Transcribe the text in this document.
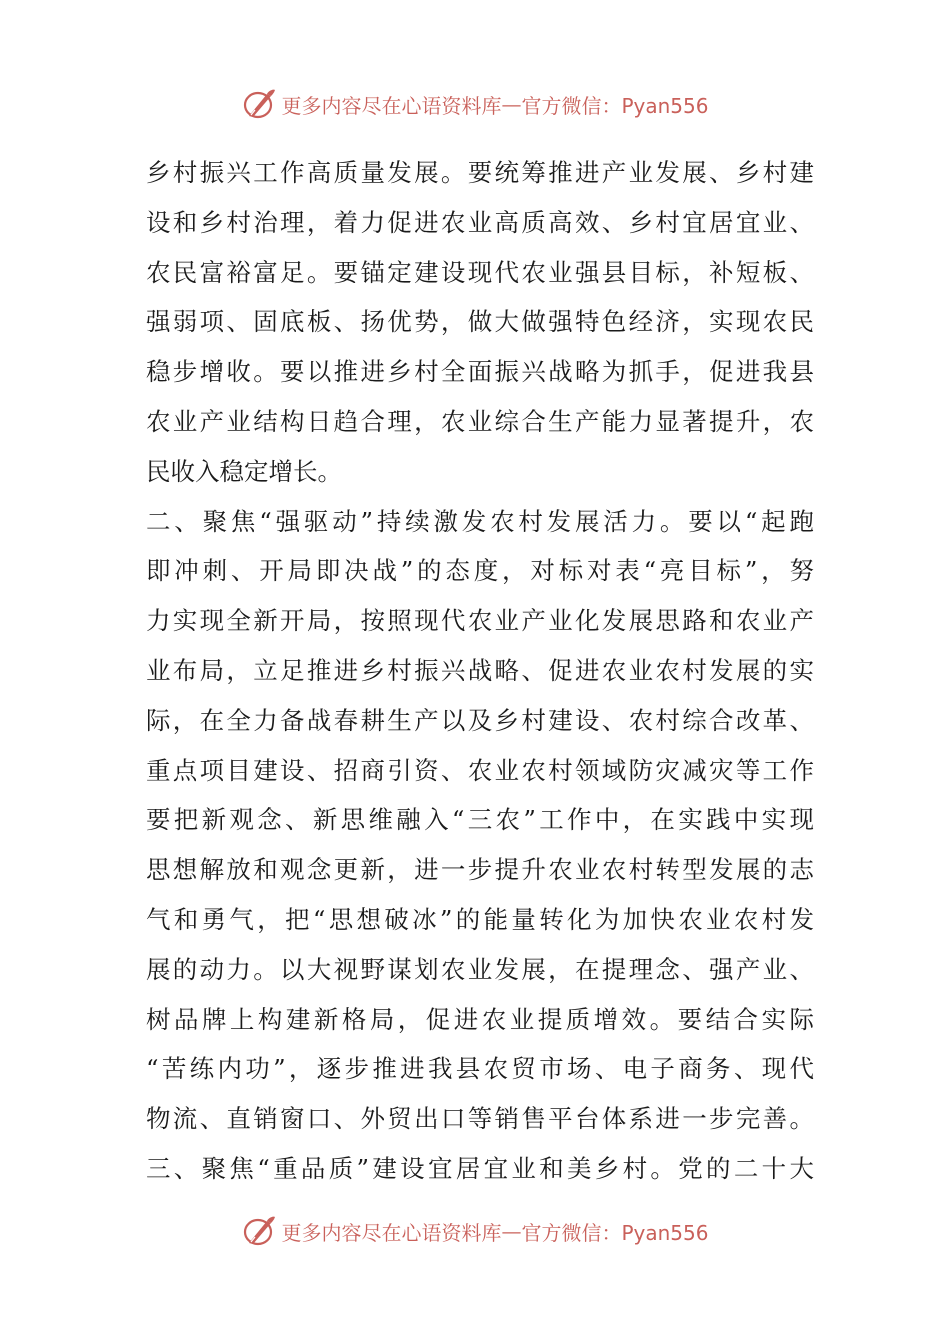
更多内容尽在心语资料库 — 官方微信：Pyan556
乡村振兴工作高质量发展。要统筹推进产业发展、乡村建
设和乡村治理，着力促进农业高质高效、乡村宜居宜业、
农民富裕富足。要锚定建设现代农业强县目标，补短板、
强弱项、固底板、扬优势，做大做强特色经济，实现农民
稳步增收。要以推进乡村全面振兴战略为抓手，促进我县
农业产业结构日趋合理，农业综合生产能力显著提升，农
民收入稳定增长。
二、聚焦“强驱动”持续激发农村发展活力。要以“起跑
即冲刺、开局即决战”的态度，对标对表“亮目标”，努
力实现全新开局，按照现代农业产业化发展思路和农业产
业布局，立足推进乡村振兴战略、促进农业农村发展的实
际，在全力备战春耕生产以及乡村建设、农村综合改革、
重点项目建设、招商引资、农业农村领域防灾减灾等工作
要把新观念、新思维融入“三农”工作中，在实践中实现
思想解放和观念更新，进一步提升农业农村转型发展的志
气和勇气，把“思想破冰”的能量转化为加快农业农村发
展的动力。以大视野谋划农业发展，在提理念、强产业、
树品牌上构建新格局，促进农业提质增效。要结合实际
“苦练内功”，逐步推进我县农贸市场、电子商务、现代
物流、直销窗口、外贸出口等销售平台体系进一步完善。
三、聚焦“重品质”建设宜居宜业和美乡村。党的二十大
更多内容尽在心语资料库 — 官方微信：Pyan556
